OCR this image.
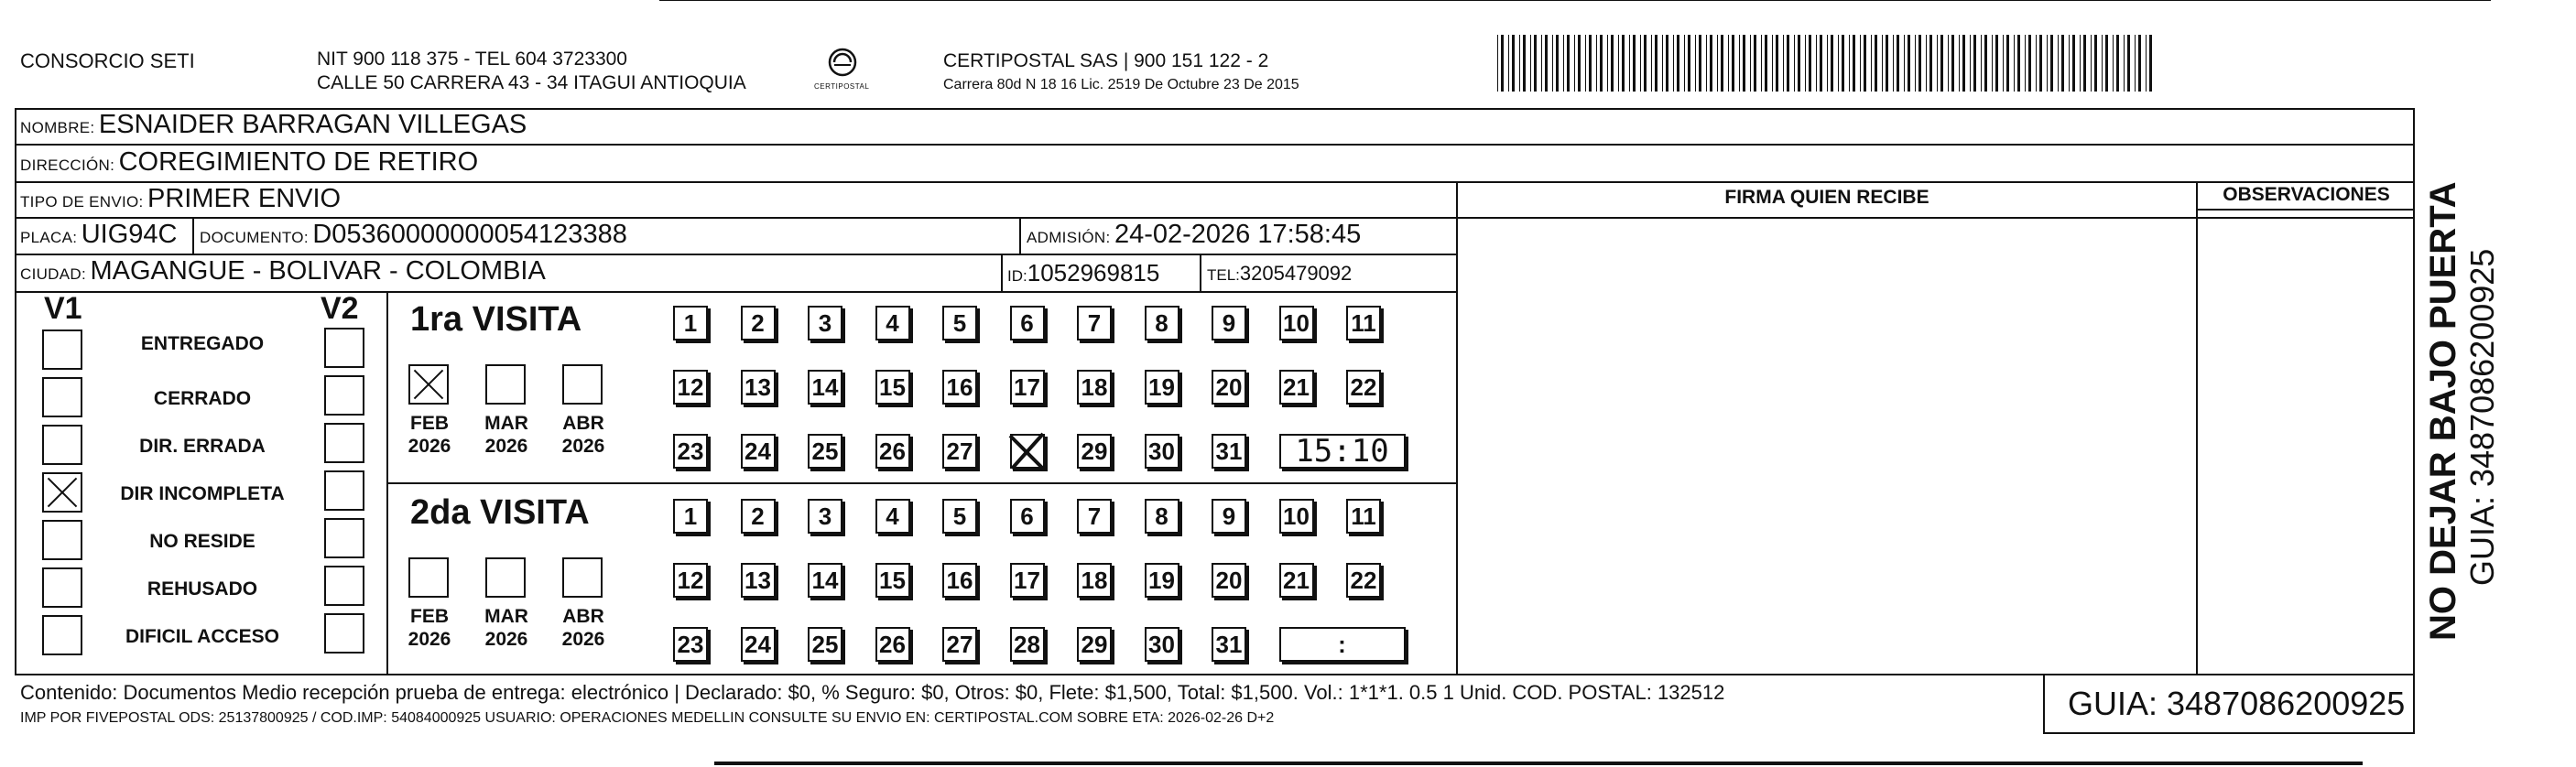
CONSORCIO SETI	NIT 900 118 375 - TEL 604 3723300
CALLE 50 CARRERA 43 - 34 ITAGUI ANTIOQUIA	CERTIPOSTAL
CERTIPOSTAL SAS | 900 151 122 - 2
Carrera 80d N 18 16 Lic. 2519 De Octubre 23 De 2015
NOMBRE: ESNAIDER BARRAGAN VILLEGAS
DIRECCIÓN: COREGIMIENTO DE RETIRO
TIPO DE ENVIO: PRIMER ENVIO
PLACA: UIG94C DOCUMENTO: D05360000000054123388	ADMISIÓN: 24-02-2026 17:58:45
CIUDAD: MAGANGUE - BOLIVAR - COLOMBIA	ID:1052969815	TEL:3205479092
FIRMA QUIEN RECIBE	OBSERVACIONES
V1	V2
ENTREGADO
CERRADO
DIR. ERRADA
DIR INCOMPLETA
NO RESIDE
REHUSADO
DIFICIL ACCESO
1ra VISITA
FEB
2026
MAR
2026
ABR
2026
1	2	3	4	5	6	7	8	9	10 11
12 13 14 15 16 17 18 19 20 21 22
23 24 25 26 27	29 30 31	15:10
2da VISITA
FEB
2026
MAR
2026
ABR
2026
1	2	3	4	5	6	7	8	9	10 11
12 13 14 15 16 17 18 19 20 21 22
23 24 25 26 27 28 29 30 31	:
Contenido: Documentos Medio recepción prueba de entrega: electrónico | Declarado: $0, % Seguro: $0, Otros: $0, Flete: $1,500, Total: $1,500. Vol.: 1*1*1. 0.5 1 Unid. COD. POSTAL: 132512
IMP POR FIVEPOSTAL ODS: 25137800925 / COD.IMP: 54084000925 USUARIO: OPERACIONES MEDELLIN CONSULTE SU ENVIO EN: CERTIPOSTAL.COM SOBRE ETA: 2026-02-26 D+2	GUIA: 3487086200925
NO DEJAR BAJO PUERTA GUIA: 3487086200925
